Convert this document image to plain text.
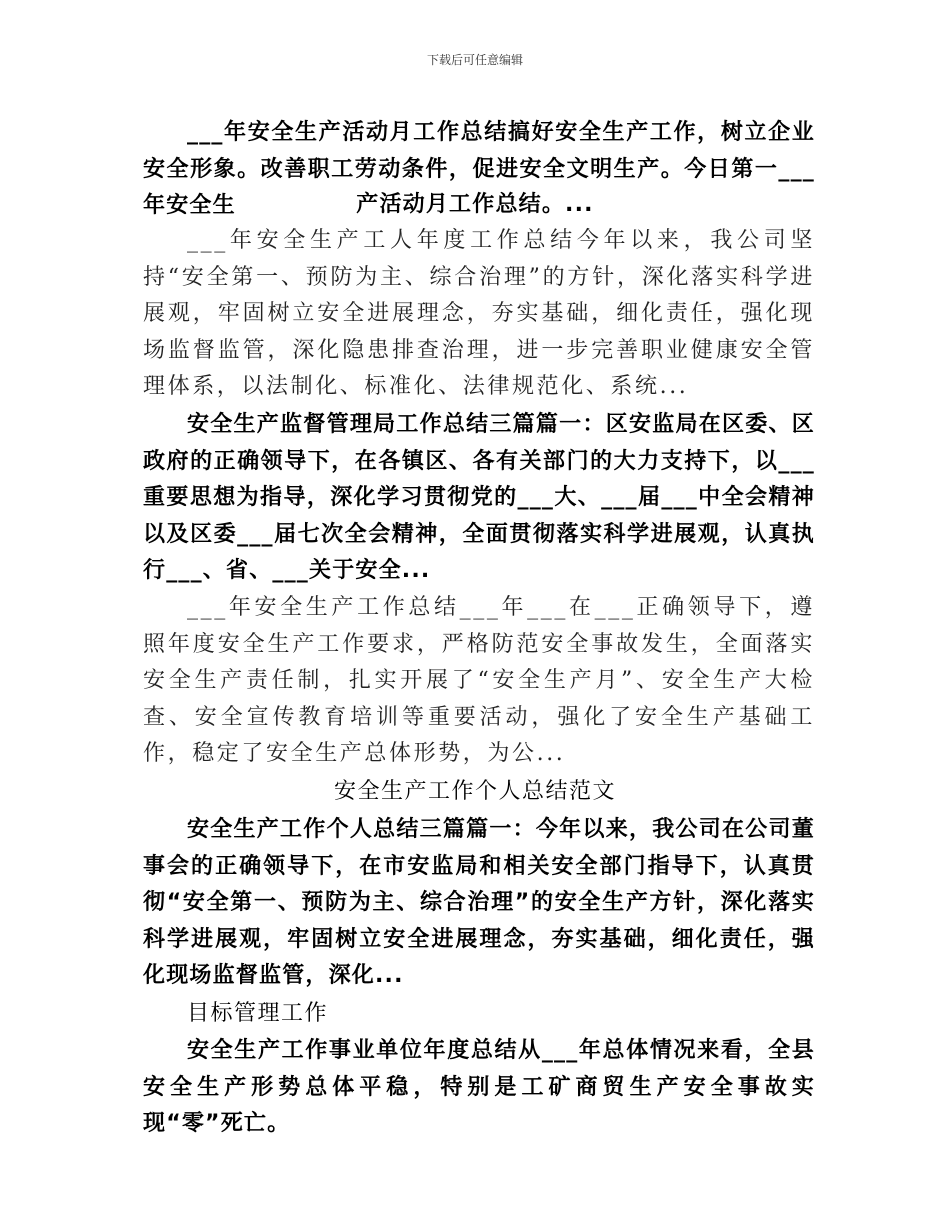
下载后可任意编辑

___年安全生产活动月工作总结搞好安全生产工作，树立企业安全形象。改善职工劳动条件，促进安全文明生产。今日第一___年安全生	产活动月工作总结。...

___年安全生产工人年度工作总结今年以来，我公司坚持“安全第一、预防为主、综合治理”的方针，深化落实科学进展观，牢固树立安全进展理念，夯实基础，细化责任，强化现场监督监管，深化隐患排查治理，进一步完善职业健康安全管理体系，以法制化、标准化、法律规范化、系统...

安全生产监督管理局工作总结三篇篇一：区安监局在区委、区政府的正确领导下，在各镇区、各有关部门的大力支持下，以___重要思想为指导，深化学习贯彻党的___大、___届___中全会精神以及区委___届七次全会精神，全面贯彻落实科学进展观，认真执行___、省、___关于安全...

___年安全生产工作总结___年___在___正确领导下，遵照年度安全生产工作要求，严格防范安全事故发生，全面落实安全生产责任制，扎实开展了“安全生产月”、安全生产大检查、安全宣传教育培训等重要活动，强化了安全生产基础工作，稳定了安全生产总体形势，为公...

安全生产工作个人总结范文

安全生产工作个人总结三篇篇一：今年以来，我公司在公司董事会的正确领导下，在市安监局和相关安全部门指导下，认真贯彻“安全第一、预防为主、综合治理”的安全生产方针，深化落实科学进展观，牢固树立安全进展理念，夯实基础，细化责任，强化现场监督监管，深化...

目标管理工作

安全生产工作事业单位年度总结从___年总体情况来看，全县安全生产形势总体平稳，特别是工矿商贸生产安全事故实现“零”死亡。
